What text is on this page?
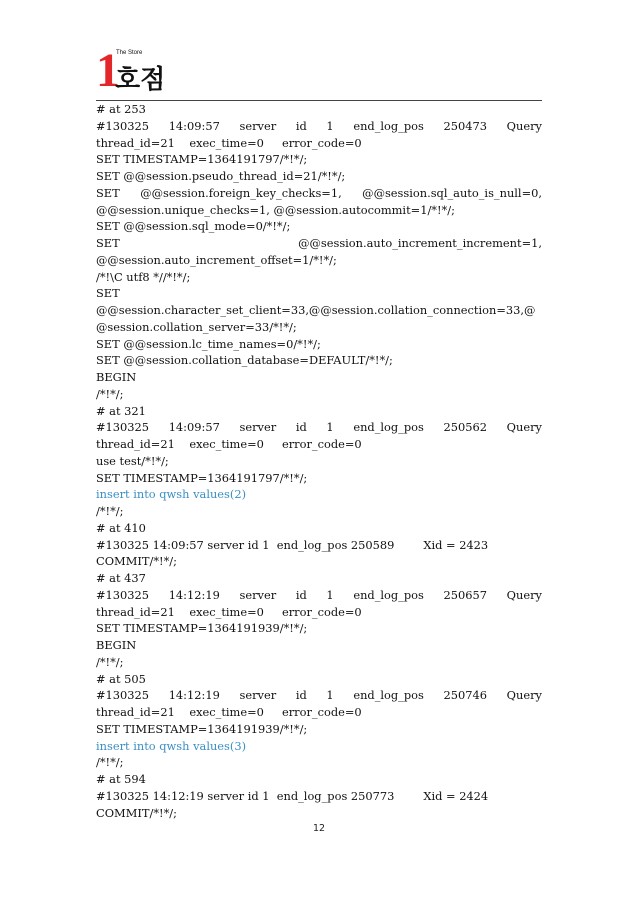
1
The Store
호점
# at 253
#130325 14:09:57 server id 1 end_log_pos 250473 Query
thread_id=21    exec_time=0     error_code=0
SET TIMESTAMP=1364191797/*!*/;
SET @@session.pseudo_thread_id=21/*!*/;
SET @@session.foreign_key_checks=1, @@session.sql_auto_is_null=0,
@@session.unique_checks=1, @@session.autocommit=1/*!*/;
SET @@session.sql_mode=0/*!*/;
SET	@@session.auto_increment_increment=1,
@@session.auto_increment_offset=1/*!*/;
/*!\C utf8 *//*!*/;
SET
@@session.character_set_client=33,@@session.collation_connection=33,@
@session.collation_server=33/*!*/;
SET @@session.lc_time_names=0/*!*/;
SET @@session.collation_database=DEFAULT/*!*/;
BEGIN
/*!*/;
# at 321
#130325 14:09:57 server id 1 end_log_pos 250562 Query
thread_id=21    exec_time=0     error_code=0
use test/*!*/;
SET TIMESTAMP=1364191797/*!*/;
insert into qwsh values(2)
/*!*/;
# at 410
#130325 14:09:57 server id 1  end_log_pos 250589        Xid = 2423
COMMIT/*!*/;
# at 437
#130325 14:12:19 server id 1 end_log_pos 250657 Query
thread_id=21    exec_time=0     error_code=0
SET TIMESTAMP=1364191939/*!*/;
BEGIN
/*!*/;
# at 505
#130325 14:12:19 server id 1 end_log_pos 250746 Query
thread_id=21    exec_time=0     error_code=0
SET TIMESTAMP=1364191939/*!*/;
insert into qwsh values(3)
/*!*/;
# at 594
#130325 14:12:19 server id 1  end_log_pos 250773        Xid = 2424
COMMIT/*!*/;
12
